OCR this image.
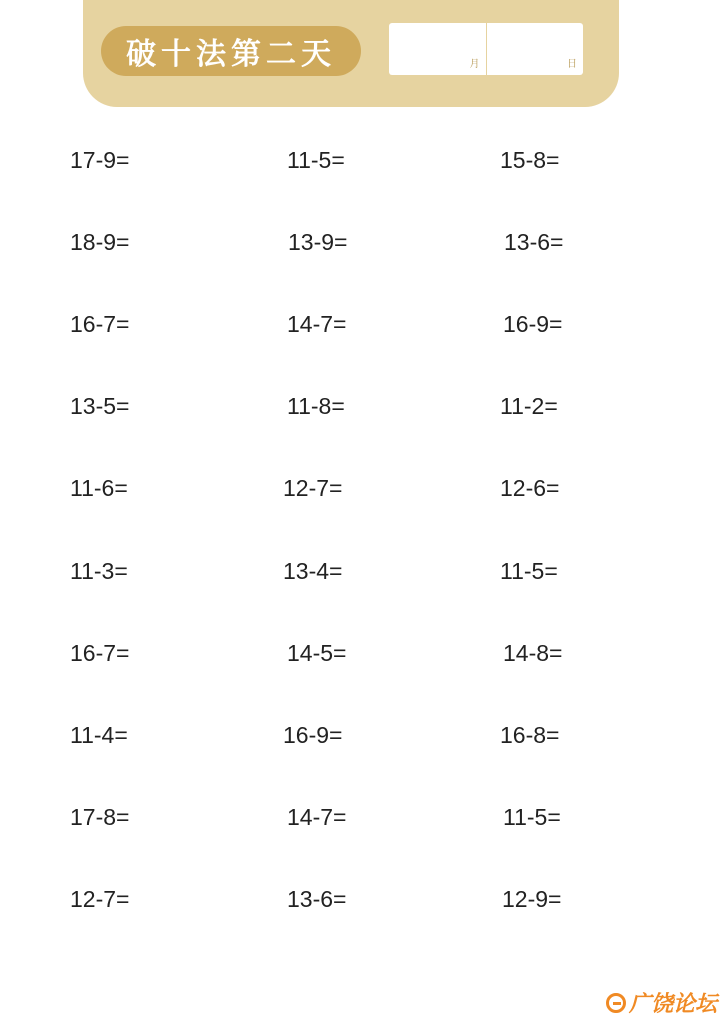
破十法第二天	月	日
17-9=	11-5=	15-8=
18-9=	13-9=	13-6=
16-7=	14-7=	16-9=
13-5=	11-8=	11-2=
11-6=	12-7=	12-6=
11-3=	13-4=	11-5=
16-7=	14-5=	14-8=
11-4=	16-9=	16-8=
17-8=	14-7=	11-5=
12-7=	13-6=	12-9=
广饶论坛
